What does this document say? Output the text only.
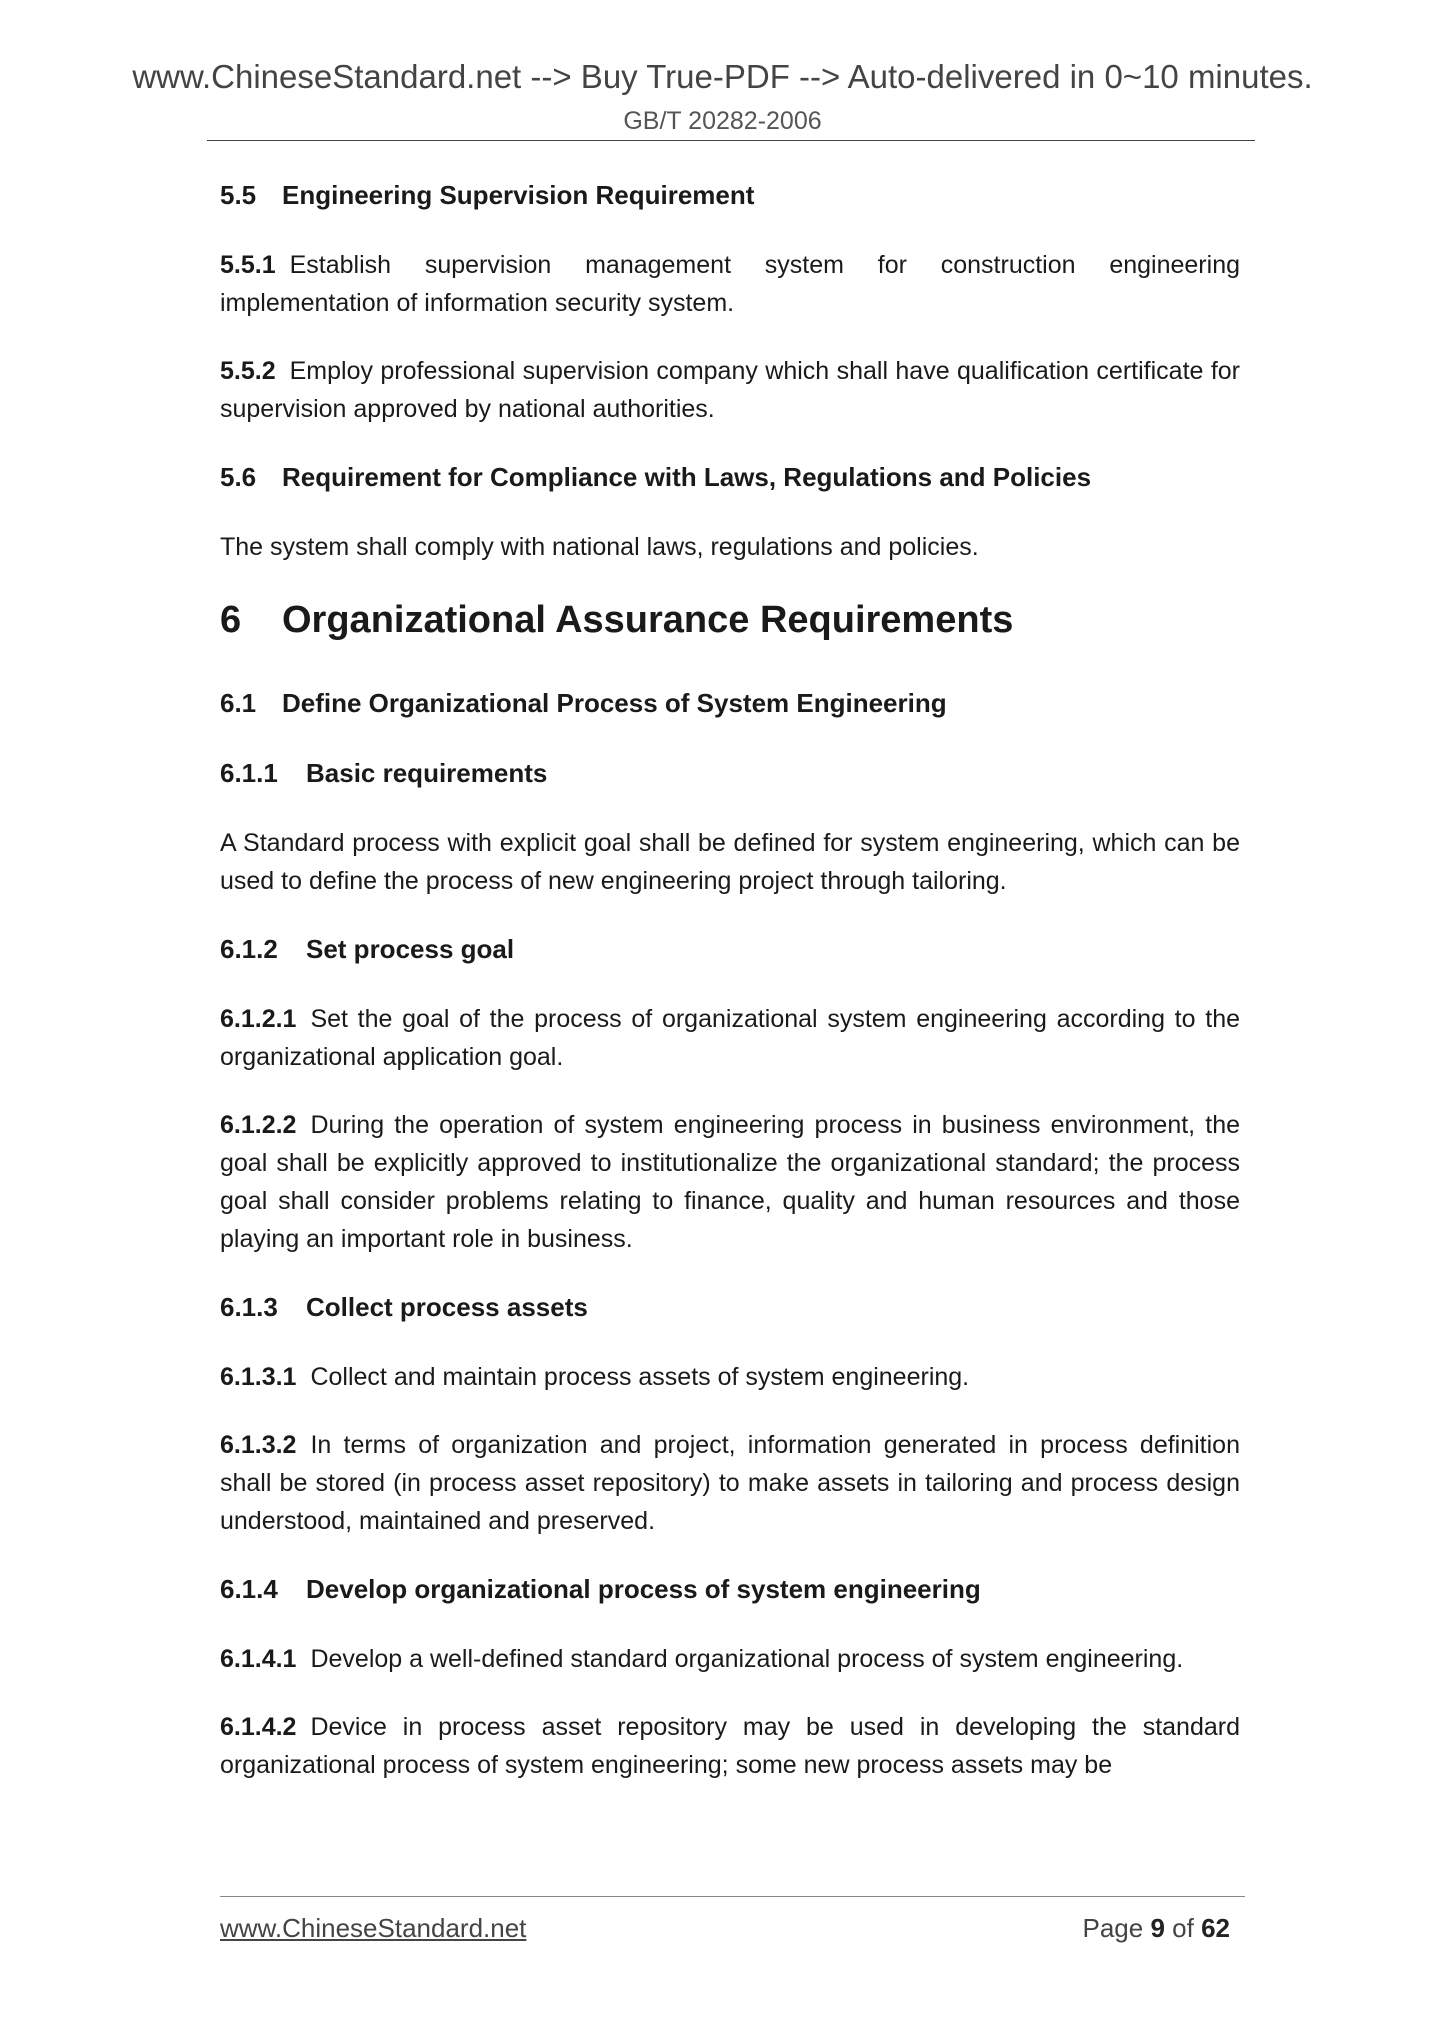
www.ChineseStandard.net --> Buy True-PDF --> Auto-delivered in 0~10 minutes.
GB/T 20282-2006
5.5 Engineering Supervision Requirement
5.5.1 Establish supervision management system for construction engineering implementation of information security system.
5.5.2 Employ professional supervision company which shall have qualification certificate for supervision approved by national authorities.
5.6 Requirement for Compliance with Laws, Regulations and Policies
The system shall comply with national laws, regulations and policies.
6 Organizational Assurance Requirements
6.1 Define Organizational Process of System Engineering
6.1.1 Basic requirements
A Standard process with explicit goal shall be defined for system engineering, which can be used to define the process of new engineering project through tailoring.
6.1.2 Set process goal
6.1.2.1 Set the goal of the process of organizational system engineering according to the organizational application goal.
6.1.2.2 During the operation of system engineering process in business environment, the goal shall be explicitly approved to institutionalize the organizational standard; the process goal shall consider problems relating to finance, quality and human resources and those playing an important role in business.
6.1.3 Collect process assets
6.1.3.1 Collect and maintain process assets of system engineering.
6.1.3.2 In terms of organization and project, information generated in process definition shall be stored (in process asset repository) to make assets in tailoring and process design understood, maintained and preserved.
6.1.4 Develop organizational process of system engineering
6.1.4.1 Develop a well-defined standard organizational process of system engineering.
6.1.4.2 Device in process asset repository may be used in developing the standard organizational process of system engineering; some new process assets may be
www.ChineseStandard.net	Page 9 of 62
